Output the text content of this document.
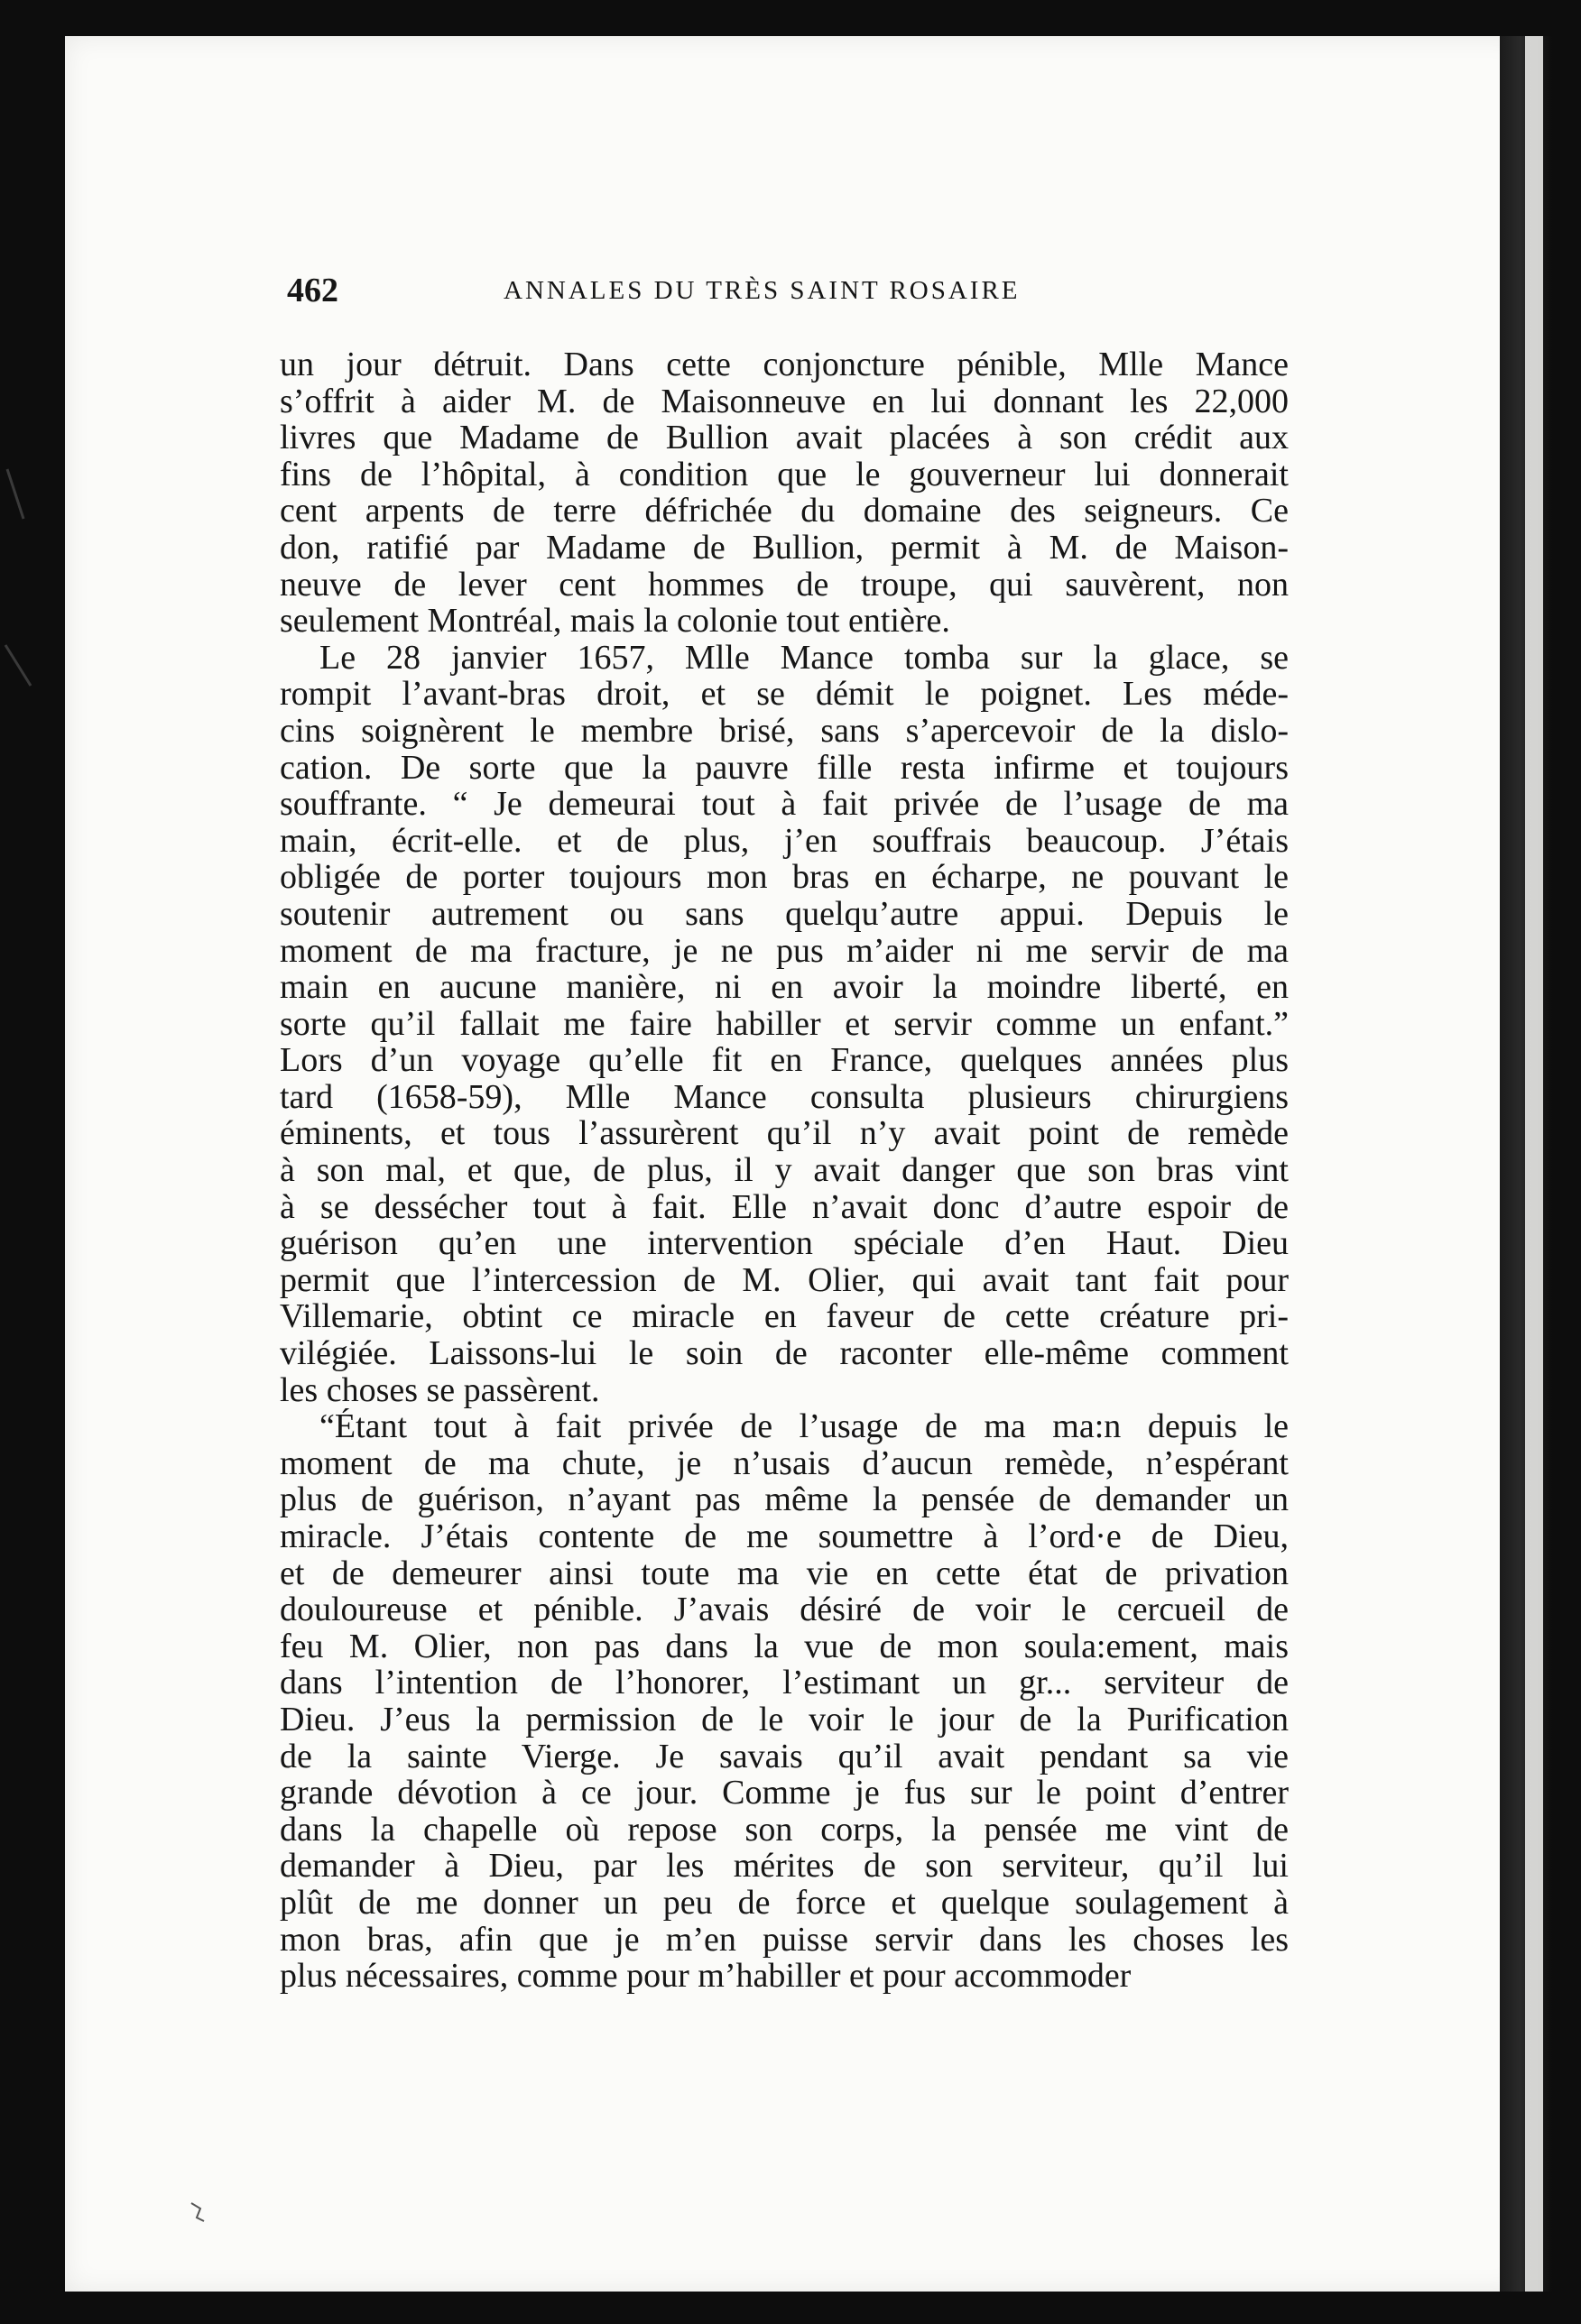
462	ANNALES DU TRÈS SAINT ROSAIRE
un jour détruit. Dans cette conjoncture pénible, Mlle Mance
s’offrit à aider M. de Maisonneuve en lui donnant les 22,000
livres que Madame de Bullion avait placées à son crédit aux
fins de l’hôpital, à condition que le gouverneur lui donnerait
cent arpents de terre défrichée du domaine des seigneurs. Ce
don, ratifié par Madame de Bullion, permit à M. de Maison-
neuve de lever cent hommes de troupe, qui sauvèrent, non
seulement Montréal, mais la colonie tout entière.
Le 28 janvier 1657, Mlle Mance tomba sur la glace, se
rompit l’avant-bras droit, et se démit le poignet. Les méde-
cins soignèrent le membre brisé, sans s’apercevoir de la dislo-
cation. De sorte que la pauvre fille resta infirme et toujours
souffrante. “ Je demeurai tout à fait privée de l’usage de ma
main, écrit-elle. et de plus, j’en souffrais beaucoup. J’étais
obligée de porter toujours mon bras en écharpe, ne pouvant le
soutenir autrement ou sans quelqu’autre appui. Depuis le
moment de ma fracture, je ne pus m’aider ni me servir de ma
main en aucune manière, ni en avoir la moindre liberté, en
sorte qu’il fallait me faire habiller et servir comme un enfant.”
Lors d’un voyage qu’elle fit en France, quelques années plus
tard (1658-59), Mlle Mance consulta plusieurs chirurgiens
éminents, et tous l’assurèrent qu’il n’y avait point de remède
à son mal, et que, de plus, il y avait danger que son bras vint
à se dessécher tout à fait. Elle n’avait donc d’autre espoir de
guérison qu’en une intervention spéciale d’en Haut. Dieu
permit que l’intercession de M. Olier, qui avait tant fait pour
Villemarie, obtint ce miracle en faveur de cette créature pri-
vilégiée. Laissons-lui le soin de raconter elle-même comment
les choses se passèrent.
“Étant tout à fait privée de l’usage de ma ma:n depuis le
moment de ma chute, je n’usais d’aucun remède, n’espérant
plus de guérison, n’ayant pas même la pensée de demander un
miracle. J’étais contente de me soumettre à l’ord·e de Dieu,
et de demeurer ainsi toute ma vie en cette état de privation
douloureuse et pénible. J’avais désiré de voir le cercueil de
feu M. Olier, non pas dans la vue de mon soula:ement, mais
dans l’intention de l’honorer, l’estimant un gr... serviteur de
Dieu. J’eus la permission de le voir le jour de la Purification
de la sainte Vierge. Je savais qu’il avait pendant sa vie
grande dévotion à ce jour. Comme je fus sur le point d’entrer
dans la chapelle où repose son corps, la pensée me vint de
demander à Dieu, par les mérites de son serviteur, qu’il lui
plût de me donner un peu de force et quelque soulagement à
mon bras, afin que je m’en puisse servir dans les choses les
plus nécessaires, comme pour m’habiller et pour accommoder
